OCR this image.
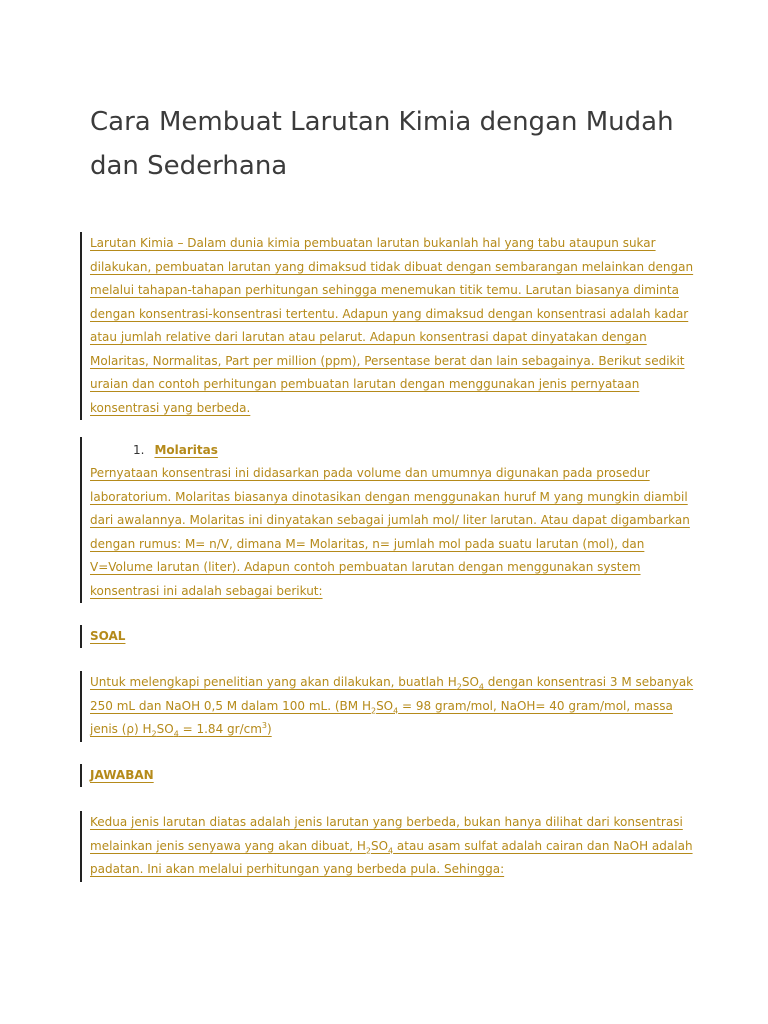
Cara Membuat Larutan Kimia dengan Mudah dan Sederhana
Larutan Kimia – Dalam dunia kimia pembuatan larutan bukanlah hal yang tabu ataupun sukar
dilakukan, pembuatan larutan yang dimaksud tidak dibuat dengan sembarangan melainkan dengan
melalui tahapan-tahapan perhitungan sehingga menemukan titik temu. Larutan biasanya diminta
dengan konsentrasi-konsentrasi tertentu. Adapun yang dimaksud dengan konsentrasi adalah kadar
atau jumlah relative dari larutan atau pelarut. Adapun konsentrasi dapat dinyatakan dengan
Molaritas, Normalitas, Part per million (ppm), Persentase berat dan lain sebagainya. Berikut sedikit
uraian dan contoh perhitungan pembuatan larutan dengan menggunakan jenis pernyataan
konsentrasi yang berbeda.
Pernyataan konsentrasi ini didasarkan pada volume dan umumnya digunakan pada prosedur
laboratorium. Molaritas biasanya dinotasikan dengan menggunakan huruf M yang mungkin diambil
dari awalannya. Molaritas ini dinyatakan sebagai jumlah mol/ liter larutan. Atau dapat digambarkan
dengan rumus: M= n/V, dimana M= Molaritas, n= jumlah mol pada suatu larutan (mol), dan
V=Volume larutan (liter). Adapun contoh pembuatan larutan dengan menggunakan system
konsentrasi ini adalah sebagai berikut:
1. Molaritas
SOAL
Untuk melengkapi penelitian yang akan dilakukan, buatlah $H_2SO_4$ dengan konsentrasi 3 M sebanyak
250 mL dan NaOH 0,5 M dalam 100 mL. (BM $H_2SO_4 = 98$ gram/mol, NaOH= 40 gram/mol, massa
jenis (ρ) $H_2SO_4 = 1.84$ $gr/cm^3$)
JAWABAN
Kedua jenis larutan diatas adalah jenis larutan yang berbeda, bukan hanya dilihat dari konsentrasi
melainkan jenis senyawa yang akan dibuat, $H_2SO_4$ atau asam sulfat adalah cairan dan NaOH adalah
padatan. Ini akan melalui perhitungan yang berbeda pula. Sehingga:
